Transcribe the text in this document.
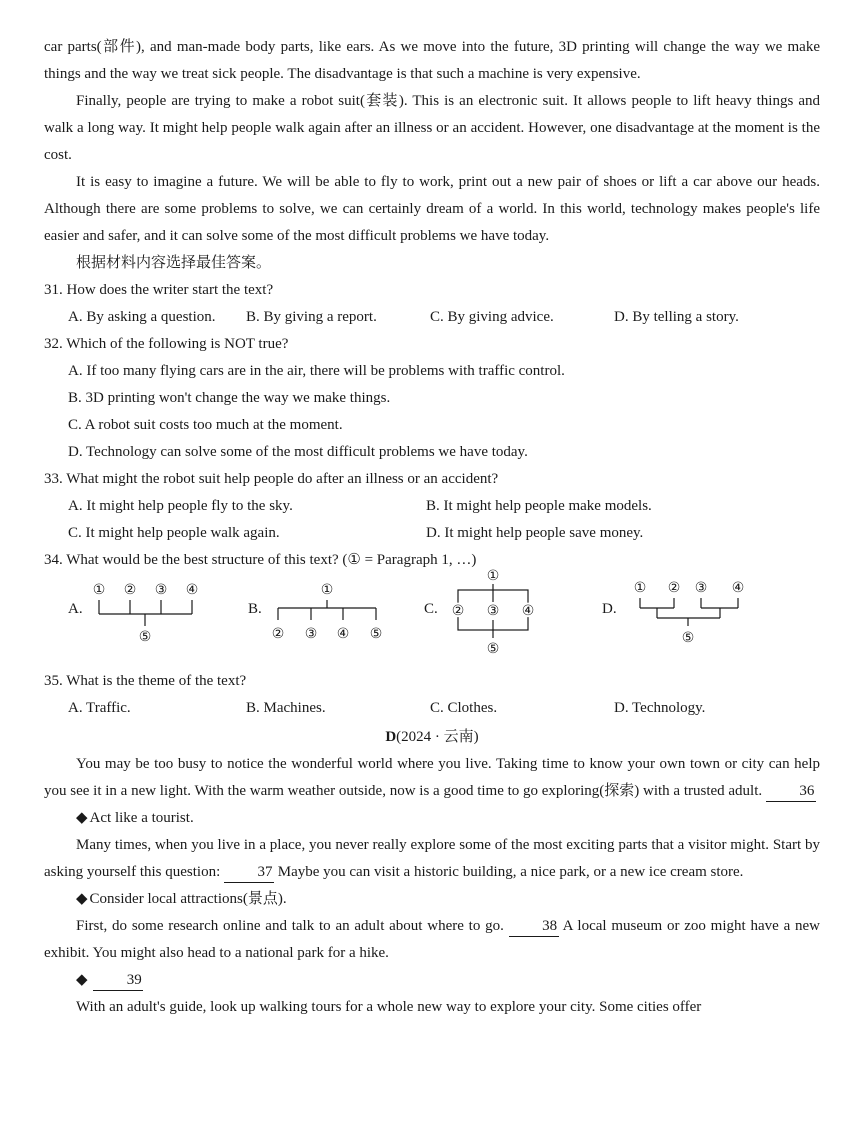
car parts(部件), and man-made body parts, like ears. As we move into the future, 3D printing will change the way we make things and the way we treat sick people. The disadvantage is that such a machine is very expensive.

Finally, people are trying to make a robot suit(套装). This is an electronic suit. It allows people to lift heavy things and walk a long way. It might help people walk again after an illness or an accident. However, one disadvantage at the moment is the cost.

It is easy to imagine a future. We will be able to fly to work, print out a new pair of shoes or lift a car above our heads. Although there are some problems to solve, we can certainly dream of a world. In this world, technology makes people's life easier and safer, and it can solve some of the most difficult problems we have today.

根据材料内容选择最佳答案。

31. How does the writer start the text?

A. By asking a question.	B. By giving a report.	C. By giving advice.	D. By telling a story.

32. Which of the following is NOT true?

A. If too many flying cars are in the air, there will be problems with traffic control.

B. 3D printing won't change the way we make things.

C. A robot suit costs too much at the moment.

D. Technology can solve some of the most difficult problems we have today.

33. What might the robot suit help people do after an illness or an accident?

A. It might help people fly to the sky.	B. It might help people make models.
C. It might help people walk again.	D. It might help people save money.

34. What would be the best structure of this text? (① = Paragraph 1, …)

A.
① ② ③ ④
⑤
B.
①
② ③ ④ ⑤
C.
①
② ③ ④
⑤
D.
① ② ③ ④
⑤

35. What is the theme of the text?

A. Traffic.	B. Machines.	C. Clothes.	D. Technology.

D(2024 · 云南)

You may be too busy to notice the wonderful world where you live. Taking time to know your own town or city can help you see it in a new light. With the warm weather outside, now is a good time to go exploring(探索) with a trusted adult. 36

◆ Act like a tourist.

Many times, when you live in a place, you never really explore some of the most exciting parts that a visitor might. Start by asking yourself this question: 37 Maybe you can visit a historic building, a nice park, or a new ice cream store.

◆ Consider local attractions(景点).

First, do some research online and talk to an adult about where to go.	38 A local museum or zoo might have a new exhibit. You might also head to a national park for a hike.

◆	39

With an adult's guide, look up walking tours for a whole new way to explore your city. Some cities offer
